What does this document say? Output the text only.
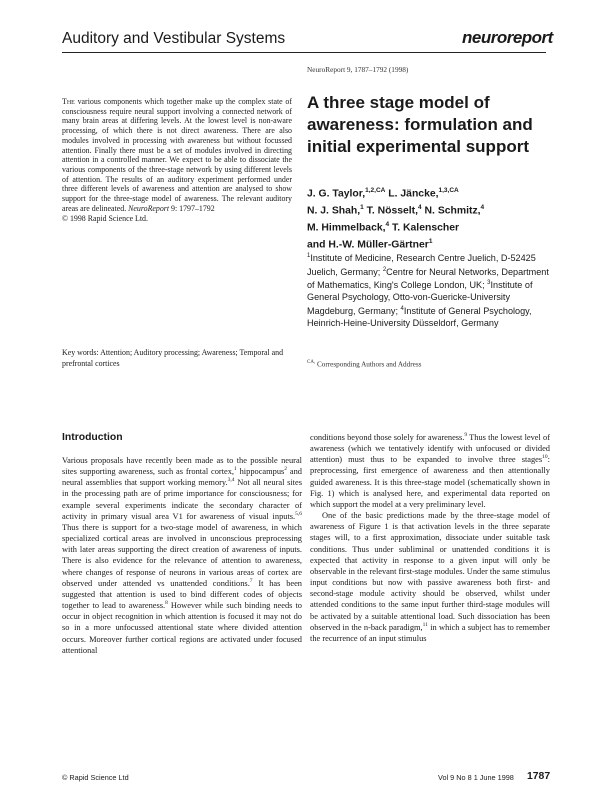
Auditory and Vestibular Systems	neuroreport
NeuroReport 9, 1787–1792 (1998)
The various components which together make up the complex state of consciousness require neural support involving a connected network of many brain areas at differing levels. At the lowest level is non-aware processing, of which there is not direct awareness. There are also modules involved in processing with awareness but without focussed attention. Finally there must be a set of modules involved in directing attention in a controlled manner. We expect to be able to dissociate the various components of the three-stage network by using different levels of attention. The results of an auditory experiment performed under three different levels of awareness and attention are analysed to show support for the three-stage model of awareness. The relevant auditory areas are delineated. NeuroReport 9: 1797–1792
© 1998 Rapid Science Ltd.
Key words: Attention; Auditory processing; Awareness; Temporal and prefrontal cortices
A three stage model of awareness: formulation and initial experimental support
J. G. Taylor,$^{1,2,CA}$ L. Jäncke,$^{1,3,CA}$
N. J. Shah,$^1$ T. Nösselt,$^4$ N. Schmitz,$^4$
M. Himmelback,$^4$ T. Kalenscher
and H.-W. Müller-Gärtner$^1$
$^1$Institute of Medicine, Research Centre Juelich, D-52425 Juelich, Germany; $^2$Centre for Neural Networks, Department of Mathematics, King's College London, UK; $^3$Institute of General Psychology, Otto-von-Guericke-University Magdeburg, Germany; $^4$Institute of General Psychology, Heinrich-Heine-University Düsseldorf, Germany
$^{CA,}$ Corresponding Authors and Address
Introduction

Various proposals have recently been made as to the possible neural sites supporting awareness, such as frontal cortex,$^1$ hippocampus$^2$ and neural assemblies that support working memory.$^{3,4}$ Not all neural sites in the processing path are of prime importance for consciousness; for example several experiments indicate the secondary character of activity in primary visual area V1 for awareness of visual inputs.$^{5,6}$ Thus there is support for a two-stage model of awareness, in which specialized cortical areas are involved in unconscious preprocessing with later areas supporting the direct creation of awareness of inputs. There is also evidence for the relevance of attention to awareness, where changes of response of neurons in various areas of cortex are observed under attended vs unattended conditions.$^7$ It has been suggested that attention is used to bind different codes of objects together to lead to awareness.$^8$ However while such binding needs to occur in object recognition in which attention is focused it may not do so in a more unfocussed attentional state where divided attention occurs. Moreover further cortical regions are activated under focused attentional

conditions beyond those solely for awareness.$^9$ Thus the lowest level of awareness (which we tentatively identify with unfocused or divided attention) must thus to be expanded to involve three stages$^{10}$: preprocessing, first emergence of awareness and then attentionally guided awareness. It is this three-stage model (schematically shown in Fig. 1) which is analysed here, and experimental data reported on which support the model at a very preliminary level.

One of the basic predictions made by the three-stage model of awareness of Figure 1 is that activation levels in the three separate stages will, to a first approximation, dissociate under suitable task conditions. Thus under subliminal or unattended conditions it is expected that activity in response to a given input will only be observable in the relevant first-stage modules. Under the same stimulus input conditions but now with passive awareness both first- and second-stage module activity should be observed, whilst under attended conditions to the same input further third-stage modules will be activated by a suitable attentional load. Such dissociation has been observed in the n-back paradigm,$^{11}$ in which a subject has to remember the recurrence of an input stimulus

© Rapid Science Ltd	Vol 9 No 8 1 June 1998 1787
